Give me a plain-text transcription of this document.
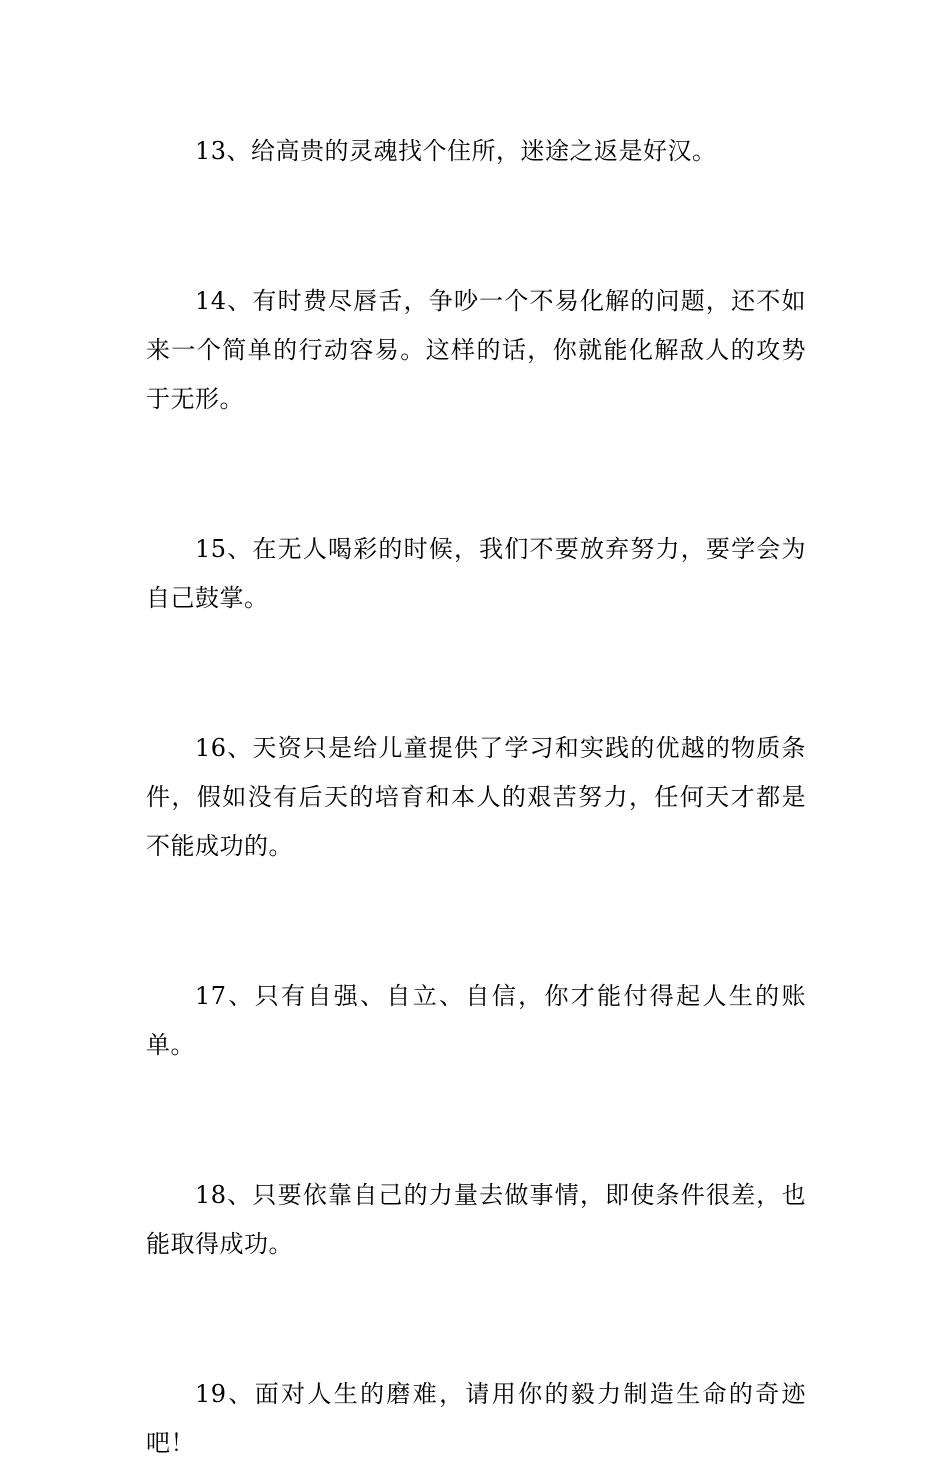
13、给高贵的灵魂找个住所，迷途之返是好汉。

14、有时费尽唇舌，争吵一个不易化解的问题，还不如来一个简单的行动容易。这样的话，你就能化解敌人的攻势于无形。

15、在无人喝彩的时候，我们不要放弃努力，要学会为自己鼓掌。

16、天资只是给儿童提供了学习和实践的优越的物质条件，假如没有后天的培育和本人的艰苦努力，任何天才都是不能成功的。

17、只有自强、自立、自信，你才能付得起人生的账单。

18、只要依靠自己的力量去做事情，即使条件很差，也能取得成功。

19、面对人生的磨难，请用你的毅力制造生命的奇迹吧！
